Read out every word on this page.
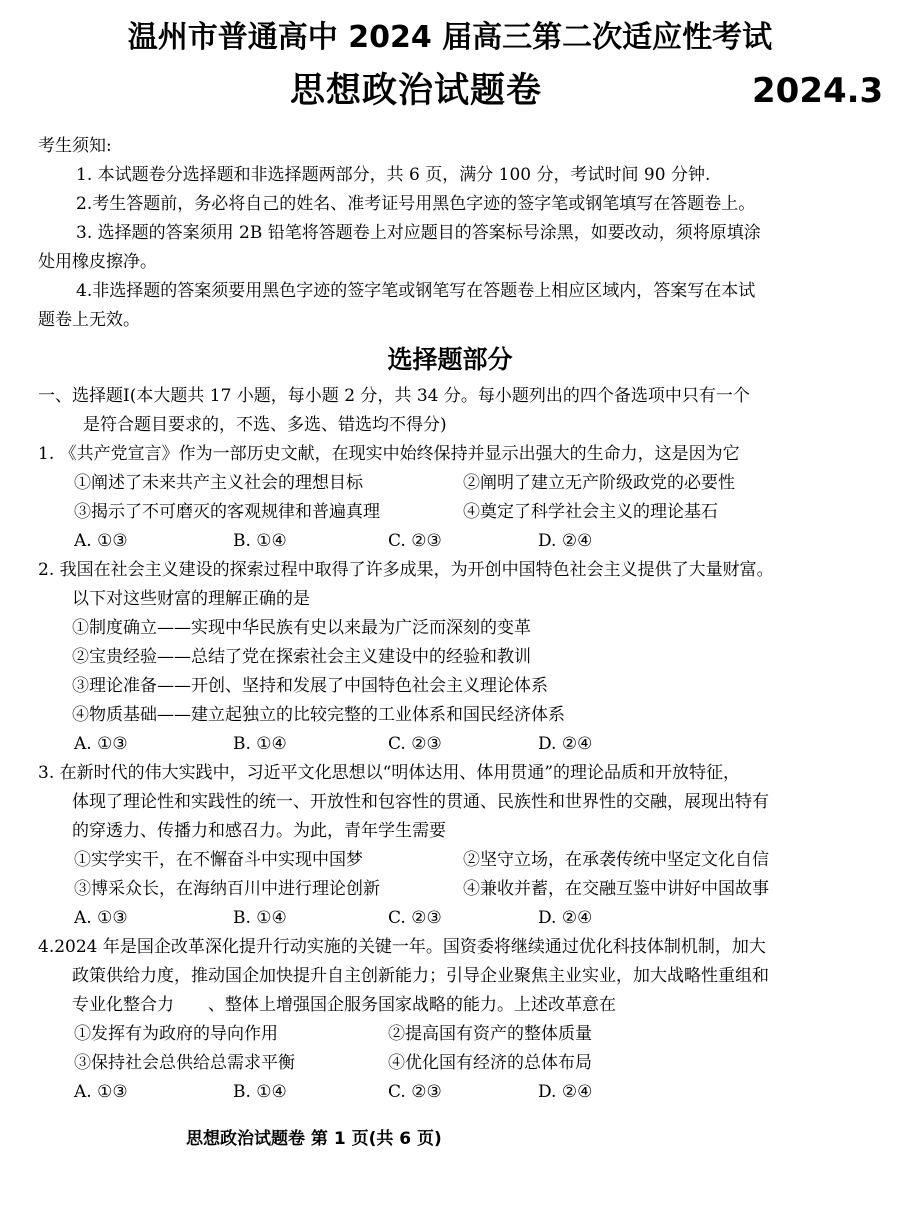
温州市普通高中 2024 届高三第二次适应性考试
思想政治试题卷	2024.3
考生须知:
1. 本试题卷分选择题和非选择题两部分，共 6 页，满分 100 分，考试时间 90 分钟.
2.考生答题前，务必将自己的姓名、准考证号用黑色字迹的签字笔或钢笔填写在答题卷上。
3. 选择题的答案须用 2B 铅笔将答题卷上对应题目的答案标号涂黑，如要改动，须将原填涂
处用橡皮擦净。
4.非选择题的答案须要用黑色字迹的签字笔或钢笔写在答题卷上相应区域内，答案写在本试
题卷上无效。
选择题部分
一、选择题Ⅰ(本大题共 17 小题，每小题 2 分，共 34 分。每小题列出的四个备选项中只有一个
是符合题目要求的，不选、多选、错选均不得分)
1. 《共产党宣言》作为一部历史文献，在现实中始终保持并显示出强大的生命力，这是因为它
①阐述了未来共产主义社会的理想目标	②阐明了建立无产阶级政党的必要性
③揭示了不可磨灭的客观规律和普遍真理	④奠定了科学社会主义的理论基石
A. ①③	B. ①④	C. ②③	D. ②④
2. 我国在社会主义建设的探索过程中取得了许多成果，为开创中国特色社会主义提供了大量财富。
以下对这些财富的理解正确的是
①制度确立——实现中华民族有史以来最为广泛而深刻的变革
②宝贵经验——总结了党在探索社会主义建设中的经验和教训
③理论准备——开创、坚持和发展了中国特色社会主义理论体系
④物质基础——建立起独立的比较完整的工业体系和国民经济体系
A. ①③	B. ①④	C. ②③	D. ②④
3. 在新时代的伟大实践中，习近平文化思想以“明体达用、体用贯通”的理论品质和开放特征，
体现了理论性和实践性的统一、开放性和包容性的贯通、民族性和世界性的交融，展现出特有
的穿透力、传播力和感召力。为此，青年学生需要
①实学实干，在不懈奋斗中实现中国梦	②坚守立场，在承袭传统中坚定文化自信
③博采众长，在海纳百川中进行理论创新	④兼收并蓄，在交融互鉴中讲好中国故事
A. ①③	B. ①④	C. ②③	D. ②④
4.2024 年是国企改革深化提升行动实施的关键一年。国资委将继续通过优化科技体制机制，加大
政策供给力度，推动国企加快提升自主创新能力；引导企业聚焦主业实业，加大战略性重组和
专业化整合力　　、整体上增强国企服务国家战略的能力。上述改革意在
①发挥有为政府的导向作用	②提高国有资产的整体质量
③保持社会总供给总需求平衡	④优化国有经济的总体布局
A. ①③	B. ①④	C. ②③	D. ②④
思想政治试题卷 第 1 页(共 6 页)
